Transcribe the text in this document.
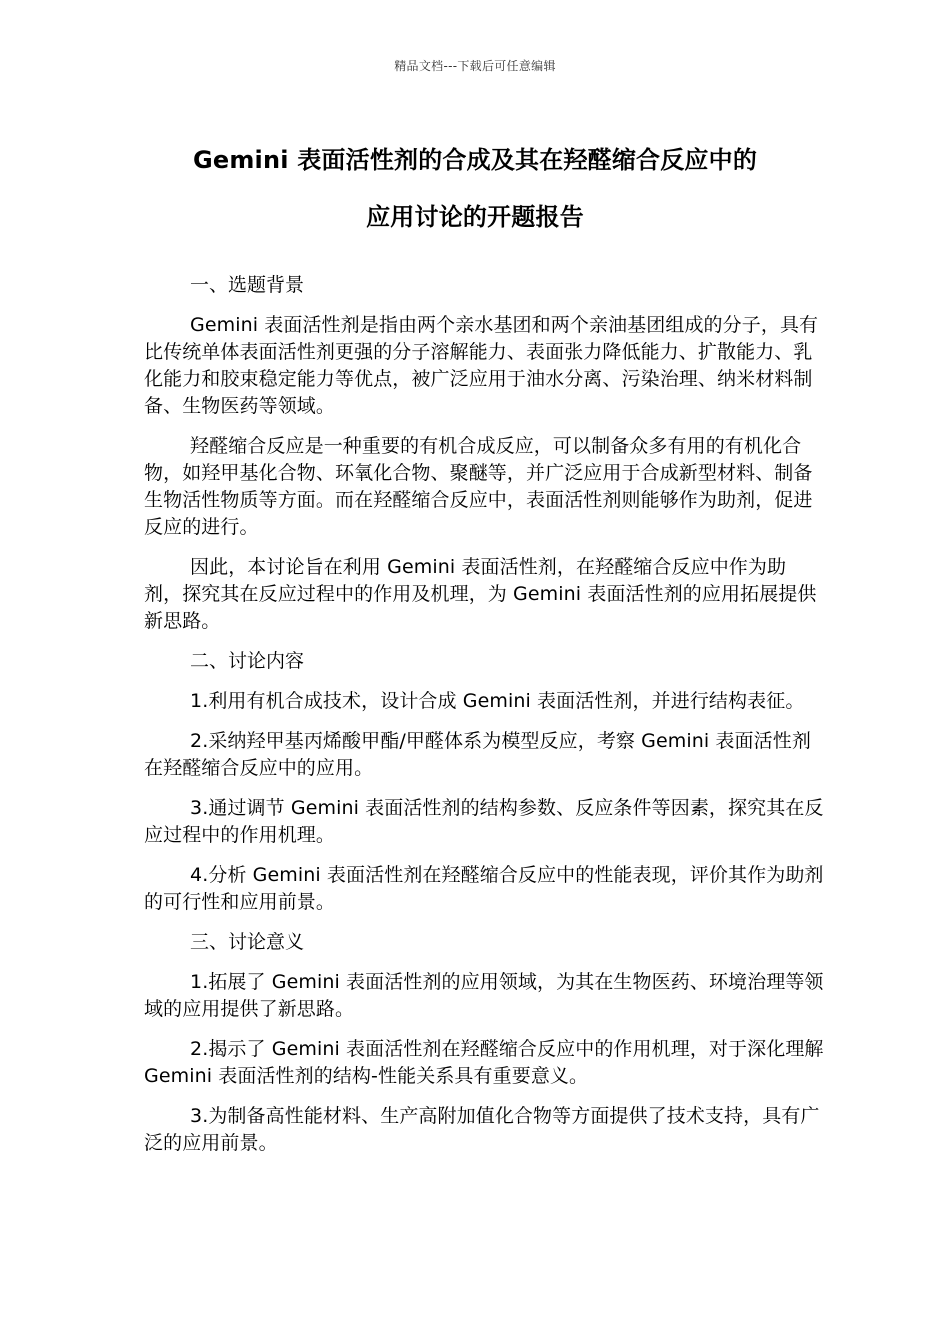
精品文档---下载后可任意编辑
Gemini 表面活性剂的合成及其在羟醛缩合反应中的
应用讨论的开题报告

一、选题背景

Gemini 表面活性剂是指由两个亲水基团和两个亲油基团组成的分子，具有比传统单体表面活性剂更强的分子溶解能力、表面张力降低能力、扩散能力、乳化能力和胶束稳定能力等优点，被广泛应用于油水分离、污染治理、纳米材料制备、生物医药等领域。

羟醛缩合反应是一种重要的有机合成反应，可以制备众多有用的有机化合物，如羟甲基化合物、环氧化合物、聚醚等，并广泛应用于合成新型材料、制备生物活性物质等方面。而在羟醛缩合反应中，表面活性剂则能够作为助剂，促进反应的进行。

因此，本讨论旨在利用 Gemini 表面活性剂，在羟醛缩合反应中作为助剂，探究其在反应过程中的作用及机理，为 Gemini 表面活性剂的应用拓展提供新思路。

二、讨论内容

1.利用有机合成技术，设计合成 Gemini 表面活性剂，并进行结构表征。

2.采纳羟甲基丙烯酸甲酯/甲醛体系为模型反应，考察 Gemini 表面活性剂在羟醛缩合反应中的应用。

3.通过调节 Gemini 表面活性剂的结构参数、反应条件等因素，探究其在反应过程中的作用机理。

4.分析 Gemini 表面活性剂在羟醛缩合反应中的性能表现，评价其作为助剂的可行性和应用前景。

三、讨论意义

1.拓展了 Gemini 表面活性剂的应用领域，为其在生物医药、环境治理等领域的应用提供了新思路。

2.揭示了 Gemini 表面活性剂在羟醛缩合反应中的作用机理，对于深化理解 Gemini 表面活性剂的结构-性能关系具有重要意义。

3.为制备高性能材料、生产高附加值化合物等方面提供了技术支持，具有广泛的应用前景。
